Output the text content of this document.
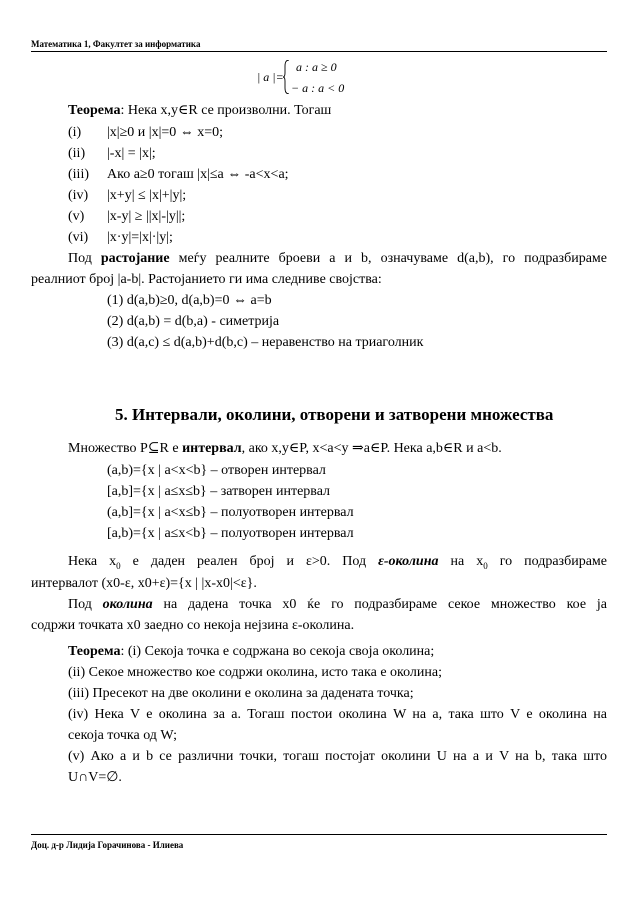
Математика 1, Факултет за информатика
| a |=
a : a ≥ 0
− a : a < 0
Теорема: Нека x,y∈R се произволни. Тогаш
(i) |x|≥0 и |x|=0 ⇔ x=0;
(ii) |-x| = |x|;
(iii) Ако a≥0 тогаш |x|≤a ⇔ -a<x<a;
(iv) |x+y| ≤ |x|+|y|;
(v) |x-y| ≥ ||x|-|y||;
(vi) |x·y|=|x|·|y|;
Под растојание меѓу реалните броеви a и b, означуваме d(a,b), го подразбираме
реалниот број |a-b|. Растојанието ги има следниве својства:
(1) d(a,b)≥0, d(a,b)=0 ⇔ a=b
(2) d(a,b) = d(b,a) - симетрија
(3) d(a,c) ≤ d(a,b)+d(b,c) – неравенство на триаголник
5. Интервали, околини, отворени и затворени множества
Множество P⊆R е интервал, ако x,y∈P, x<a<y ⇒a∈P. Нека a,b∈R и a<b.
(a,b)={x | a<x<b} – отворен интервал
[a,b]={x | a≤x≤b} – затворен интервал
(a,b]={x | a<x≤b} – полуотворен интервал
[a,b)={x | a≤x<b} – полуотворен интервал
Нека $x_0$ е даден реален број и ε>0. Под ε-околина на $x_0$ го подразбираме
интервалот (x0-ε, x0+ε)={x | |x-x0|<ε}.
Под околина на дадена точка x0 ќе го подразбираме секое множество кое ја
содржи точката x0 заедно со некоја нејзина ε-околина.
Теорема: (i) Секоја точка е содржана во секоја своја околина;
(ii) Секое множество кое содржи околина, исто така е околина;
(iii) Пресекот на две околини е околина за дадената точка;
(iv) Нека V е околина за a. Тогаш постои околина W на a, така што V е околина на
секоја точка од W;
(v) Ако a и b се различни точки, тогаш постојат околини U на a и V на b, така што
U∩V=∅.
Доц. д-р Лидија Горачинова - Илиева
